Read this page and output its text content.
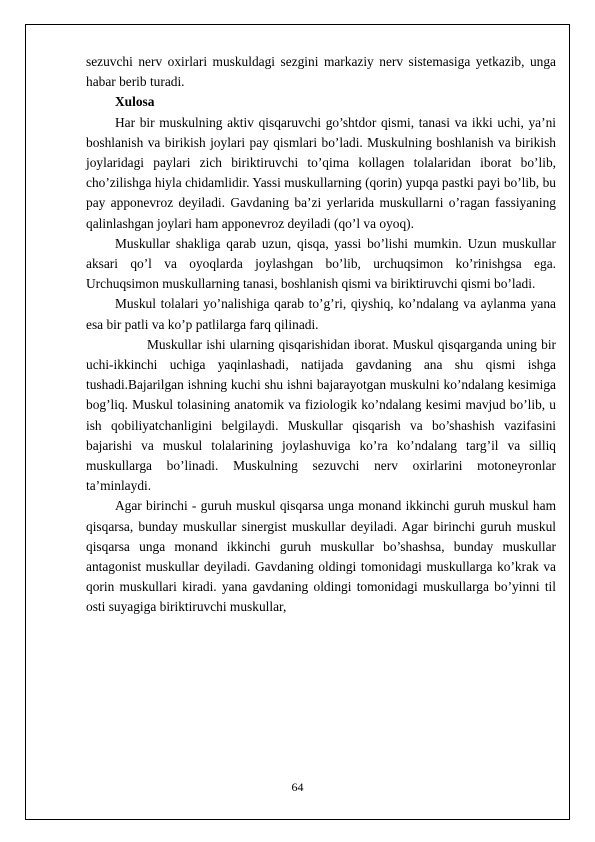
sezuvchi nerv oxirlari muskuldagi sezgini markaziy nerv sistemasiga yetkazib, unga habar berib turadi.

Xulosa

Har bir muskulning aktiv qisqaruvchi go’shtdor qismi, tanasi va ikki uchi, ya’ni boshlanish va birikish joylari pay qismlari bo’ladi. Muskulning boshlanish va birikish joylaridagi paylari zich biriktiruvchi to’qima kollagen tolalaridan iborat bo’lib, cho’zilishga hiyla chidamlidir. Yassi muskullarning (qorin) yupqa pastki payi bo’lib, bu pay apponevroz deyiladi. Gavdaning ba’zi yerlarida muskullarni o’ragan fassiyaning qalinlashgan joylari ham apponevroz deyiladi (qo’l va oyoq).

Muskullar shakliga qarab uzun, qisqa, yassi bo’lishi mumkin. Uzun muskullar aksari qo’l va oyoqlarda joylashgan bo’lib, urchuqsimon ko’rinishgsa ega. Urchuqsimon muskullarning tanasi, boshlanish qismi va biriktiruvchi qismi bo’ladi.

Muskul tolalari yo’nalishiga qarab to’g’ri, qiyshiq, ko’ndalang va aylanma yana esa bir patli va ko’p patlilarga farq qilinadi.

Muskullar ishi ularning qisqarishidan iborat. Muskul qisqarganda uning bir uchi-ikkinchi uchiga yaqinlashadi, natijada gavdaning ana shu qismi ishga tushadi.Bajarilgan ishning kuchi shu ishni bajarayotgan muskulni ko’ndalang kesimiga bog’liq. Muskul tolasining anatomik va fiziologik ko’ndalang kesimi mavjud bo’lib, u ish qobiliyatchanligini belgilaydi. Muskullar qisqarish va bo’shashish vazifasini bajarishi va muskul tolalarining joylashuviga ko’ra ko’ndalang targ’il va silliq muskullarga bo’linadi. Muskulning sezuvchi nerv oxirlarini motoneyronlar ta’minlaydi.

Agar birinchi - guruh muskul qisqarsa unga monand ikkinchi guruh muskul ham qisqarsa, bunday muskullar sinergist muskullar deyiladi. Agar birinchi guruh muskul qisqarsa unga monand ikkinchi guruh muskullar bo’shashsa, bunday muskullar antagonist muskullar deyiladi. Gavdaning oldingi tomonidagi muskullarga ko’krak va qorin muskullari kiradi. yana gavdaning oldingi tomonidagi muskullarga bo’yinni til osti suyagiga biriktiruvchi muskullar,

64
